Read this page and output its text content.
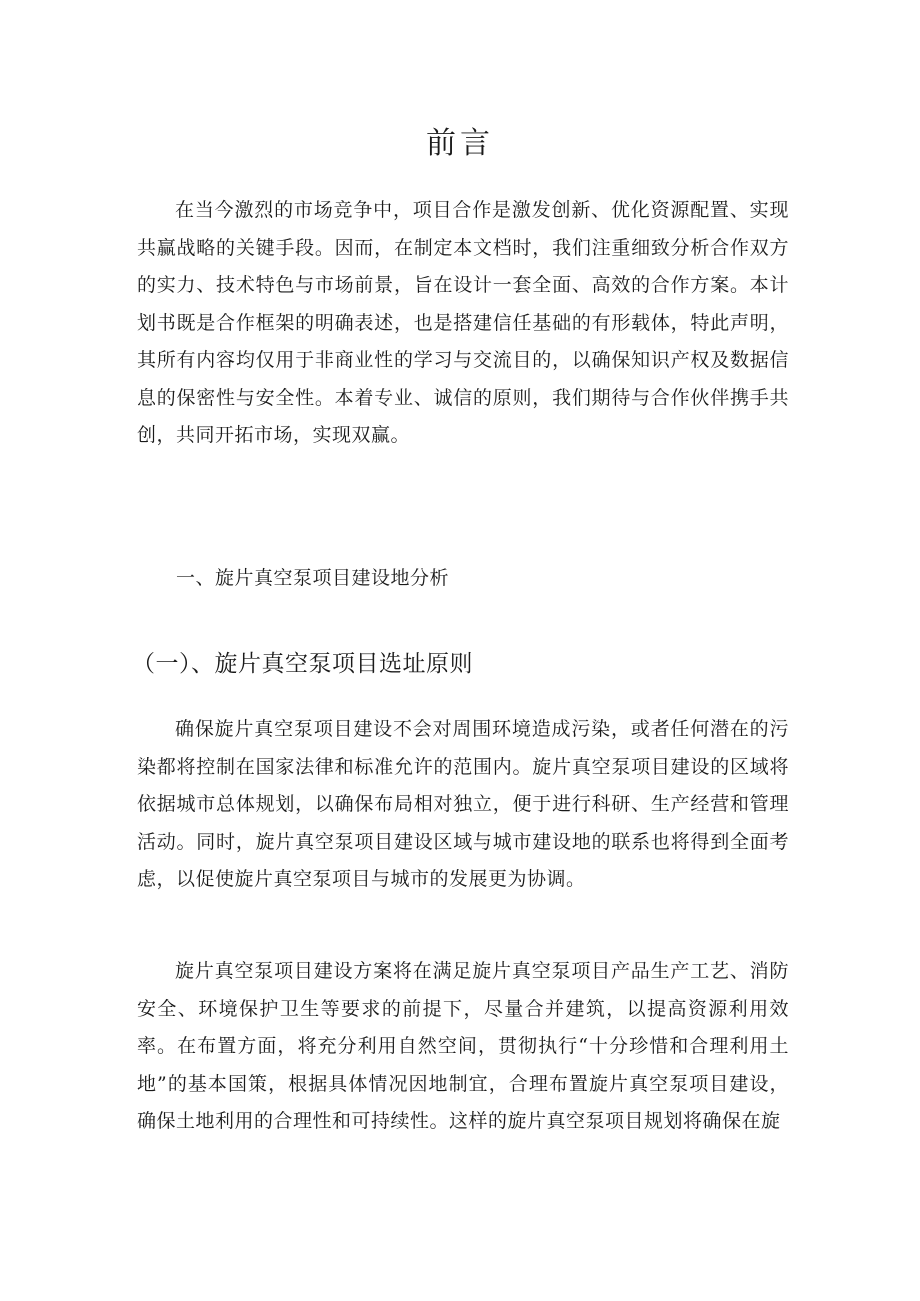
前言

在当今激烈的市场竞争中，项目合作是激发创新、优化资源配置、实现共赢战略的关键手段。因而，在制定本文档时，我们注重细致分析合作双方的实力、技术特色与市场前景，旨在设计一套全面、高效的合作方案。本计划书既是合作框架的明确表述，也是搭建信任基础的有形载体，特此声明，其所有内容均仅用于非商业性的学习与交流目的，以确保知识产权及数据信息的保密性与安全性。本着专业、诚信的原则，我们期待与合作伙伴携手共创，共同开拓市场，实现双赢。

一、旋片真空泵项目建设地分析
（一）、旋片真空泵项目选址原则

确保旋片真空泵项目建设不会对周围环境造成污染，或者任何潜在的污染都将控制在国家法律和标准允许的范围内。旋片真空泵项目建设的区域将依据城市总体规划，以确保布局相对独立，便于进行科研、生产经营和管理活动。同时，旋片真空泵项目建设区域与城市建设地的联系也将得到全面考虑，以促使旋片真空泵项目与城市的发展更为协调。

旋片真空泵项目建设方案将在满足旋片真空泵项目产品生产工艺、消防安全、环境保护卫生等要求的前提下，尽量合并建筑，以提高资源利用效率。在布置方面，将充分利用自然空间，贯彻执行“十分珍惜和合理利用土地”的基本国策，根据具体情况因地制宜，合理布置旋片真空泵项目建设，确保土地利用的合理性和可持续性。这样的旋片真空泵项目规划将确保在旋
